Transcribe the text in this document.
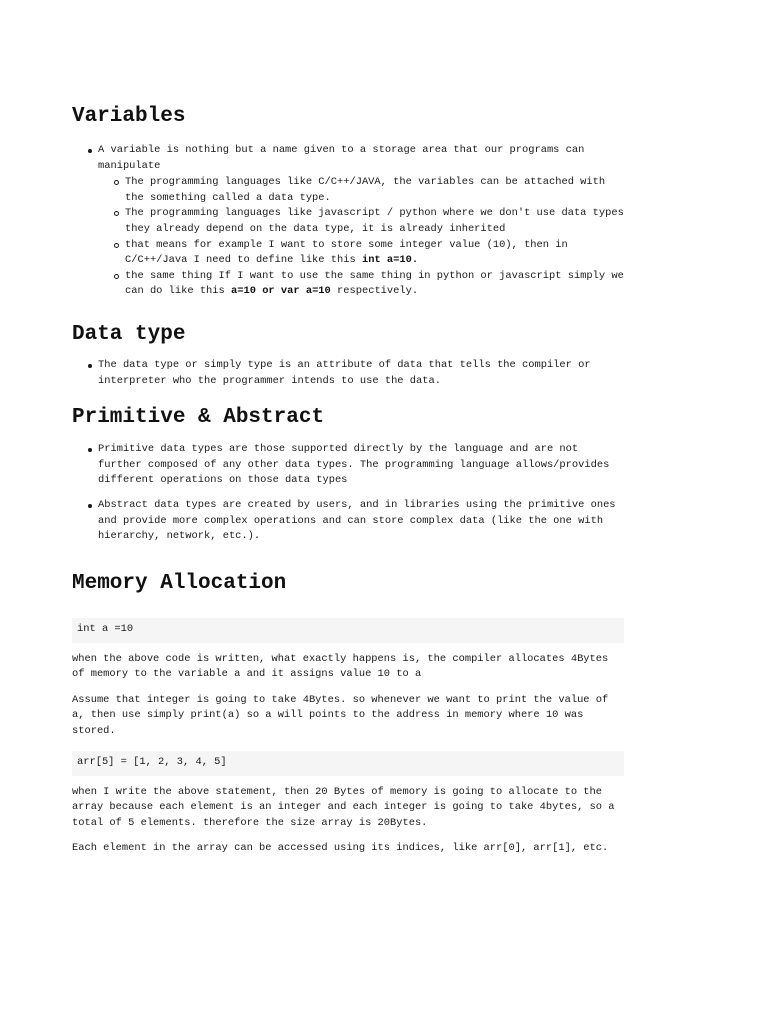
Variables
A variable is nothing but a name given to a storage area that our programs can manipulate
The programming languages like C/C++/JAVA, the variables can be attached with the something called a data type.
The programming languages like javascript / python where we don't use data types they already depend on the data type, it is already inherited
that means for example I want to store some integer value (10), then in C/C++/Java I need to define like this int a=10.
the same thing If I want to use the same thing in python or javascript simply we can do like this a=10 or var a=10 respectively.
Data type
The data type or simply type is an attribute of data that tells the compiler or interpreter who the programmer intends to use the data.
Primitive & Abstract
Primitive data types are those supported directly by the language and are not further composed of any other data types. The programming language allows/provides different operations on those data types
Abstract data types are created by users, and in libraries using the primitive ones and provide more complex operations and can store complex data (like the one with hierarchy, network, etc.).
Memory Allocation
int a =10

when the above code is written, what exactly happens is, the compiler allocates 4Bytes of memory to the variable a and it assigns value 10 to a

Assume that integer is going to take 4Bytes. so whenever we want to print the value of a, then use simply print(a) so a will points to the address in memory where 10 was stored.

arr[5] = [1, 2, 3, 4, 5]

when I write the above statement, then 20 Bytes of memory is going to allocate to the array because each element is an integer and each integer is going to take 4bytes, so a total of 5 elements. therefore the size array is 20Bytes.

Each element in the array can be accessed using its indices, like arr[0], arr[1], etc.
